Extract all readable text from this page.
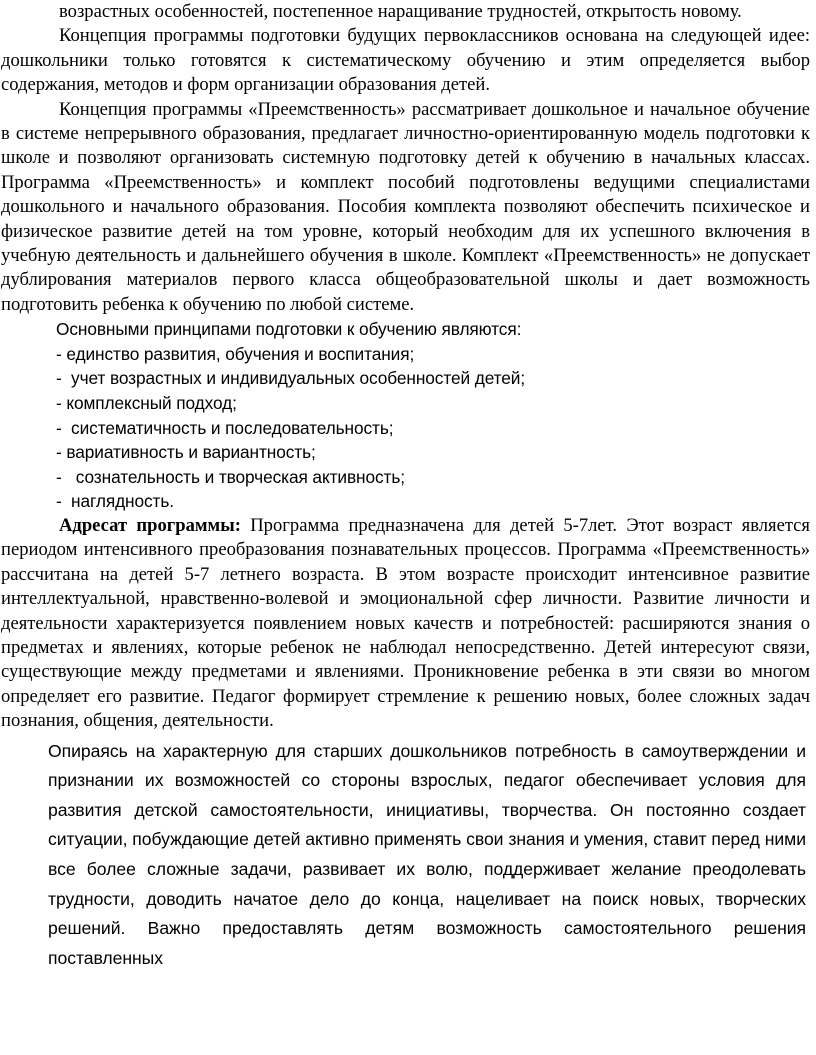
возрастных особенностей, постепенное наращивание трудностей, открытость новому.

Концепция программы подготовки будущих первоклассников основана на следующей идее: дошкольники только готовятся к систематическому обучению и этим определяется выбор содержания, методов и форм организации образования детей.

Концепция программы «Преемственность» рассматривает дошкольное и начальное обучение в системе непрерывного образования, предлагает личностно-ориентированную модель подготовки к школе и позволяют организовать системную подготовку детей к обучению в начальных классах. Программа «Преемственность» и комплект пособий подготовлены ведущими специалистами дошкольного и начального образования. Пособия комплекта позволяют обеспечить психическое и физическое развитие детей на том уровне, который необходим для их успешного включения в учебную деятельность и дальнейшего обучения в школе. Комплект «Преемственность» не допускает дублирования материалов первого класса общеобразовательной школы и дает возможность подготовить ребенка к обучению по любой системе.

Основными принципами подготовки к обучению являются:

- единство развития, обучения и воспитания;
-  учет возрастных и индивидуальных особенностей детей;
- комплексный подход;
-  систематичность и последовательность;
- вариативность и вариантность;
-   сознательность и творческая активность;
-  наглядность.

Адресат программы: Программа предназначена для детей 5-7лет. Этот возраст является периодом интенсивного преобразования познавательных процессов. Программа «Преемственность» рассчитана на детей 5-7 летнего возраста. В этом возрасте происходит интенсивное развитие интеллектуальной, нравственно-волевой и эмоциональной сфер личности. Развитие личности и деятельности характеризуется появлением новых качеств и потребностей: расширяются знания о предметах и явлениях, которые ребенок не наблюдал непосредственно. Детей интересуют связи, существующие между предметами и явлениями. Проникновение ребенка в эти связи во многом определяет его развитие. Педагог формирует стремление к решению новых, более сложных задач познания, общения, деятельности.

Опираясь на характерную для старших дошкольников потребность в самоутверждении и признании их возможностей со стороны взрослых, педагог обеспечивает условия для развития детской самостоятельности, инициативы, творчества. Он постоянно создает ситуации, побуждающие детей активно применять свои знания и умения, ставит перед ними все более сложные задачи, развивает их волю, поддерживает желание преодолевать трудности, доводить начатое дело до конца, нацеливает на поиск новых, творческих решений. Важно предоставлять детям возможность самостоятельного решения поставленных
